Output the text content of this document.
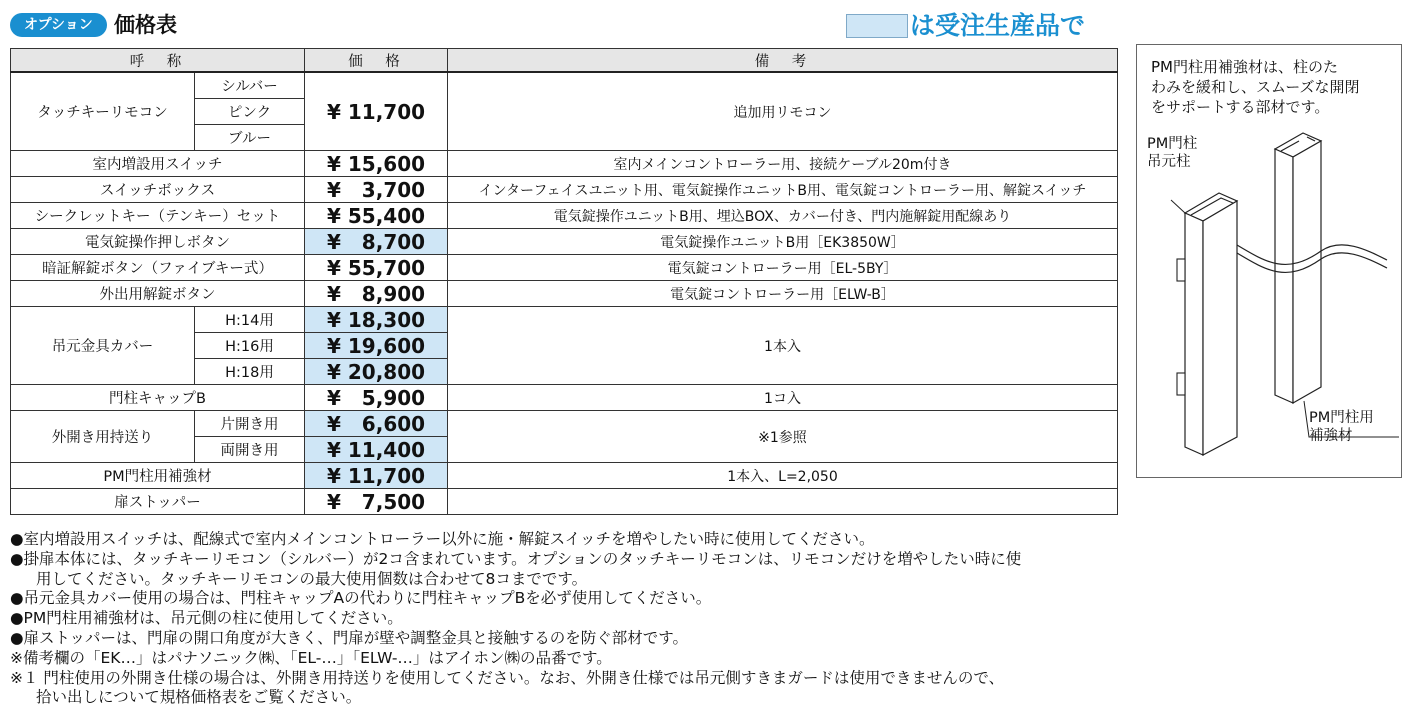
オプション	価格表	は受注生産品で
呼　称		価　格	備　考
タッチキーリモコン	シルバー	¥ 11,700	追加用リモコン
	ピンク		
	ブルー		
室内増設用スイッチ		¥ 15,600	室内メインコントローラー用、接続ケーブル20m付き
スイッチボックス		¥   3,700	インターフェイスユニット用、電気錠操作ユニットB用、電気錠コントローラー用、解錠スイッチ
シークレットキー（テンキー）セット		¥ 55,400	電気錠操作ユニットB用、埋込BOX、カバー付き、門内施解錠用配線あり
電気錠操作押しボタン		¥   8,700	電気錠操作ユニットB用［EK3850W］
暗証解錠ボタン（ファイブキー式）		¥ 55,700	電気錠コントローラー用［EL-5BY］
外出用解錠ボタン		¥   8,900	電気錠コントローラー用［ELW-B］
吊元金具カバー	H:14用	¥ 18,300	1本入
	H:16用	¥ 19,600	
	H:18用	¥ 20,800	
門柱キャップB		¥   5,900	1コ入
外開き用持送り	片開き用	¥   6,600	※1参照
	両開き用	¥ 11,400	
PM門柱用補強材		¥ 11,700	1本入、L=2,050
扉ストッパー		¥   7,500	
PM門柱用補強材は、柱のた
わみを緩和し、スムーズな開閉
をサポートする部材です。
PM門柱
吊元柱
PM門柱用
補強材
●室内増設用スイッチは、配線式で室内メインコントローラー以外に施・解錠スイッチを増やしたい時に使用してください。
●掛扉本体には、タッチキーリモコン（シルバー）が2コ含まれています。オプションのタッチキーリモコンは、リモコンだけを増やしたい時に使
用してください。タッチキーリモコンの最大使用個数は合わせて8コまでです。
●吊元金具カバー使用の場合は、門柱キャップAの代わりに門柱キャップBを必ず使用してください。
●PM門柱用補強材は、吊元側の柱に使用してください。
●扉ストッパーは、門扉の開口角度が大きく、門扉が壁や調整金具と接触するのを防ぐ部材です。
※備考欄の「EK…」はパナソニック㈱、「EL-…」「ELW-…」はアイホン㈱の品番です。
※１ 門柱使用の外開き仕様の場合は、外開き用持送りを使用してください。なお、外開き仕様では吊元側すきまガードは使用できませんので、
拾い出しについて規格価格表をご覧ください。
